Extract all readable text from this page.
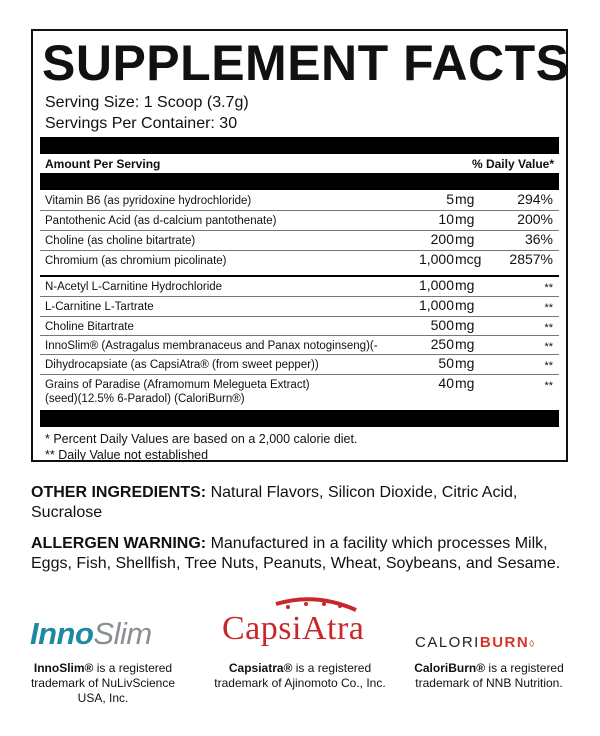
SUPPLEMENT FACTS
Serving Size: 1 Scoop (3.7g)
Servings Per Container: 30
Amount Per Serving	% Daily Value*
Vitamin B6 (as pyridoxine hydrochloride)	5 mg	294%
Pantothenic Acid (as d-calcium pantothenate)	10 mg	200%
Choline (as choline bitartrate)	200 mg	36%
Chromium (as chromium picolinate)	1,000 mcg 2857%
N-Acetyl L-Carnitine Hydrochloride	1,000 mg	**
L-Carnitine L-Tartrate	1,000 mg	**
Choline Bitartrate	500 mg	**
InnoSlim® (Astragalus membranaceus and Panax notoginseng)(-	250 mg	**
Dihydrocapsiate (as CapsiAtra® (from sweet pepper))	50 mg	**
Grains of Paradise (Aframomum Melegueta Extract)
(seed)(12.5% 6-Paradol) (CaloriBurn®)
40 mg	**
* Percent Daily Values are based on a 2,000 calorie diet.
** Daily Value not established
OTHER INGREDIENTS: Natural Flavors, Silicon Dioxide, Citric Acid, Sucralose
ALLERGEN WARNING: Manufactured in a facility which processes Milk, Eggs, Fish, Shellfish, Tree Nuts, Peanuts, Wheat, Soybeans, and Sesame.
InnoSlim CapsiAtra	CALORIBURN◊
InnoSlim® is a registered trademark of NuLivScience USA, Inc.
Capsiatra® is a registered trademark of Ajinomoto Co., Inc.
CaloriBurn® is a registered trademark of NNB Nutrition.
